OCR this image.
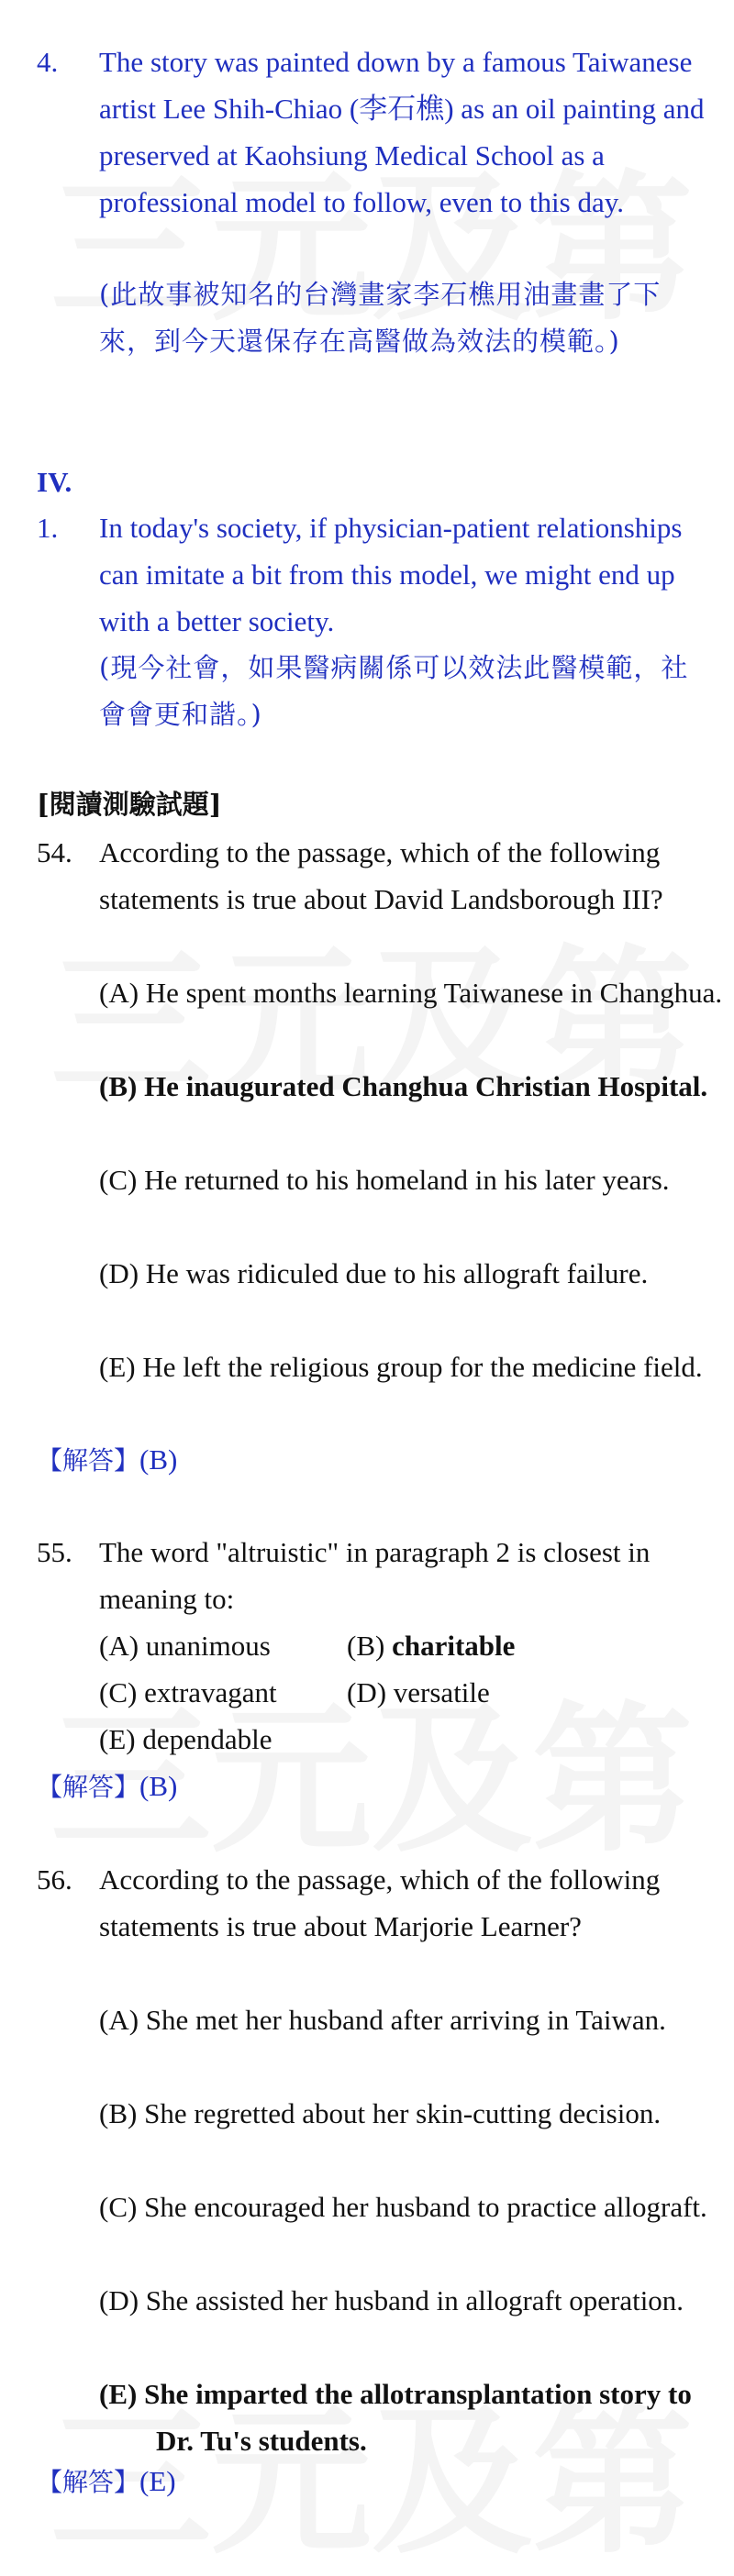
4. The story was painted down by a famous Taiwanese artist Lee Shih-Chiao (李石樵) as an oil painting and preserved at Kaohsiung Medical School as a professional model to follow, even to this day.
(此故事被知名的台灣畫家李石樵用油畫畫了下來，到今天還保存在高醫做為效法的模範。)
IV.
1. In today's society, if physician-patient relationships can imitate a bit from this model, we might end up with a better society.
(現今社會，如果醫病關係可以效法此醫模範，社會會更和諧。)
[閱讀測驗試題]
54. According to the passage, which of the following statements is true about David Landsborough III?
(A) He spent months learning Taiwanese in Changhua.
(B) He inaugurated Changhua Christian Hospital.
(C) He returned to his homeland in his later years.
(D) He was ridiculed due to his allograft failure.
(E) He left the religious group for the medicine field.
【解答】(B)
55. The word "altruistic" in paragraph 2 is closest in meaning to:
(A) unanimous	(B) charitable
(C) extravagant (D) versatile
(E) dependable
【解答】(B)
56. According to the passage, which of the following statements is true about Marjorie Learner?
(A) She met her husband after arriving in Taiwan.
(B) She regretted about her skin-cutting decision.
(C) She encouraged her husband to practice allograft.
(D) She assisted her husband in allograft operation.
(E) She imparted the allotransplantation story to Dr. Tu's students.
【解答】(E)
